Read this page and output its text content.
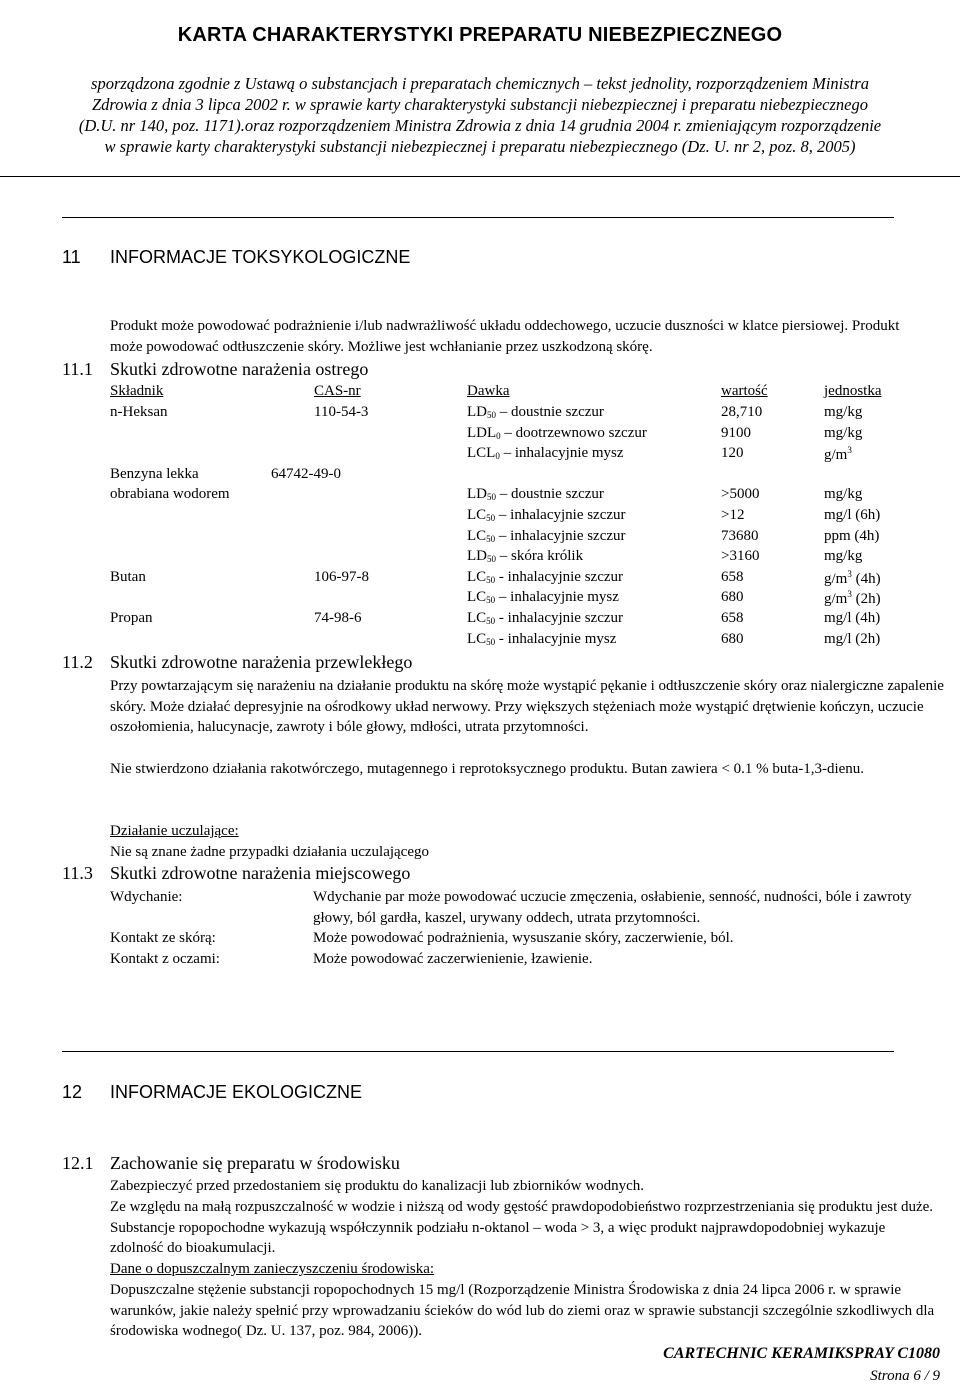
KARTA CHARAKTERYSTYKI PREPARATU NIEBEZPIECZNEGO
sporządzona zgodnie z Ustawą o substancjach i preparatach chemicznych – tekst jednolity, rozporządzeniem Ministra
Zdrowia z dnia 3 lipca 2002 r. w sprawie karty charakterystyki substancji niebezpiecznej i preparatu niebezpiecznego
(D.U. nr 140, poz. 1171).oraz rozporządzeniem Ministra Zdrowia z dnia 14 grudnia 2004 r. zmieniającym rozporządzenie
w sprawie karty charakterystyki substancji niebezpiecznej i preparatu niebezpiecznego (Dz. U. nr 2, poz. 8, 2005)
11 INFORMACJE TOKSYKOLOGICZNE
Produkt może powodować podrażnienie i/lub nadwrażliwość układu oddechowego, uczucie duszności w klatce piersiowej. Produkt może powodować odtłuszczenie skóry. Możliwe jest wchłanianie przez uszkodzoną skórę.
11.1 Skutki zdrowotne narażenia ostrego
Składnik	CAS-nr	Dawka	wartość	jednostka
n-Heksan	110-54-3	$LD_{50}$ – doustnie szczur	28,710	mg/kg
$LDL_0$ – dootrzewnowo szczur	9100	mg/kg
$LCL_0$ – inhalacyjnie mysz	120	$g/m^3$
Benzyna lekka	64742-49-0
obrabiana wodorem	$LD_{50}$ – doustnie szczur	>5000	mg/kg
$LC_{50}$ – inhalacyjnie szczur	>12	mg/l (6h)
$LC_{50}$ – inhalacyjnie szczur	73680	ppm (4h)
$LD_{50}$ – skóra królik	>3160	mg/kg
Butan	106-97-8	$LC_{50}$ - inhalacyjnie szczur	658	$g/m^3$ (4h)
$LC_{50}$ – inhalacyjnie mysz	680	$g/m^3$ (2h)
Propan	74-98-6	$LC_{50}$ - inhalacyjnie szczur	658	mg/l (4h)
$LC_{50}$ - inhalacyjnie mysz	680	mg/l (2h)
11.2 Skutki zdrowotne narażenia przewlekłego
Przy powtarzającym się narażeniu na działanie produktu na skórę może wystąpić pękanie i odtłuszczenie skóry oraz nialergiczne zapalenie skóry. Może działać depresyjnie na ośrodkowy układ nerwowy. Przy większych stężeniach może wystąpić drętwienie kończyn, uczucie oszołomienia, halucynacje, zawroty i bóle głowy, mdłości, utrata przytomności.
Nie stwierdzono działania rakotwórczego, mutagennego i reprotoksycznego produktu. Butan zawiera < 0.1 % buta-1,3-dienu.
Działanie uczulające:
Nie są znane żadne przypadki działania uczulającego
11.3 Skutki zdrowotne narażenia miejscowego
Wdychanie:	Wdychanie par może powodować uczucie zmęczenia, osłabienie, senność, nudności, bóle i zawroty głowy, ból gardła, kaszel, urywany oddech, utrata przytomności.
Kontakt ze skórą:	Może powodować podrażnienia, wysuszanie skóry, zaczerwienie, ból.
Kontakt z oczami:	Może powodować zaczerwienienie, łzawienie.
12 INFORMACJE EKOLOGICZNE
12.1 Zachowanie się preparatu w środowisku
Zabezpieczyć przed przedostaniem się produktu do kanalizacji lub zbiorników wodnych.
Ze względu na małą rozpuszczalność w wodzie i niższą od wody gęstość prawdopodobieństwo rozprzestrzeniania się produktu jest duże. Substancje ropopochodne wykazują współczynnik podziału n-oktanol – woda > 3, a więc produkt najprawdopodobniej wykazuje zdolność do bioakumulacji.
Dane o dopuszczalnym zanieczyszczeniu środowiska:
Dopuszczalne stężenie substancji ropopochodnych 15 mg/l (Rozporządzenie Ministra Środowiska z dnia 24 lipca 2006 r. w sprawie warunków, jakie należy spełnić przy wprowadzaniu ścieków do wód lub do ziemi oraz w sprawie substancji szczególnie szkodliwych dla środowiska wodnego( Dz. U. 137, poz. 984, 2006)).
CARTECHNIC KERAMIKSPRAY C1080
Strona 6 / 9
